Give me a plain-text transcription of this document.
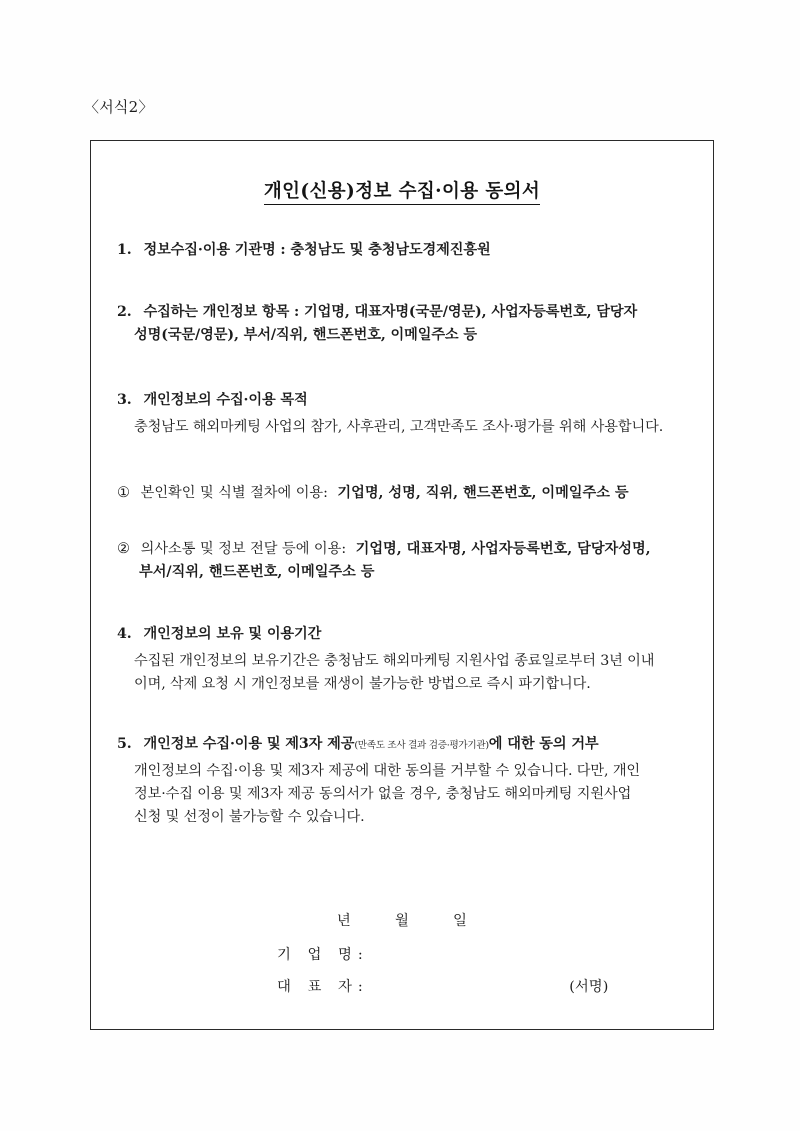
〈서식2〉
개인(신용)정보 수집·이용 동의서
1. 정보수집·이용 기관명 : 충청남도 및 충청남도경제진흥원
2. 수집하는 개인정보 항목 : 기업명, 대표자명(국문/영문), 사업자등록번호, 담당자
성명(국문/영문), 부서/직위, 핸드폰번호, 이메일주소 등
3. 개인정보의 수집·이용 목적
충청남도 해외마케팅 사업의 참가, 사후관리, 고객만족도 조사·평가를 위해 사용합니다.
① 본인확인 및 식별 절차에 이용: 기업명, 성명, 직위, 핸드폰번호, 이메일주소 등
② 의사소통 및 정보 전달 등에 이용: 기업명, 대표자명, 사업자등록번호, 담당자성명,
부서/직위, 핸드폰번호, 이메일주소 등
4. 개인정보의 보유 및 이용기간
수집된 개인정보의 보유기간은 충청남도 해외마케팅 지원사업 종료일로부터 3년 이내
이며, 삭제 요청 시 개인정보를 재생이 불가능한 방법으로 즉시 파기합니다.
5. 개인정보 수집·이용 및 제3자 제공(만족도 조사 결과 검증·평가기관)에 대한 동의 거부
개인정보의 수집·이용 및 제3자 제공에 대한 동의를 거부할 수 있습니다. 다만, 개인
정보·수집 이용 및 제3자 제공 동의서가 없을 경우, 충청남도 해외마케팅 지원사업
신청 및 선정이 불가능할 수 있습니다.
년	월	일
기 업 명:
대 표 자:	(서명)
